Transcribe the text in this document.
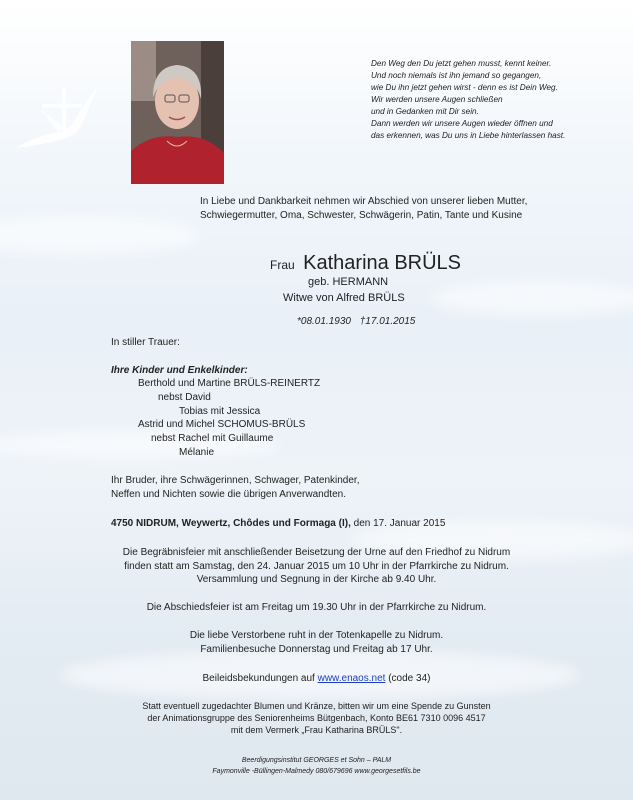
Den Weg den Du jetzt gehen musst, kennt keiner.
Und noch niemals ist ihn jemand so gegangen,
wie Du ihn jetzt gehen wirst - denn es ist Dein Weg.
Wir werden unsere Augen schließen
und in Gedanken mit Dir sein.
Dann werden wir unsere Augen wieder öffnen und
das erkennen, was Du uns in Liebe hinterlassen hast.
In Liebe und Dankbarkeit nehmen wir Abschied von unserer lieben Mutter,
Schwiegermutter, Oma, Schwester, Schwägerin, Patin, Tante und Kusine
Frau Katharina BRÜLS
geb. HERMANN
Witwe von Alfred BRÜLS
*08.01.1930 †17.01.2015
In stiller Trauer:
Ihre Kinder und Enkelkinder:
Berthold und Martine BRÜLS-REINERTZ
nebst David
Tobias mit Jessica
Astrid und Michel SCHOMUS-BRÜLS
nebst Rachel mit Guillaume
Mélanie
Ihr Bruder, ihre Schwägerinnen, Schwager, Patenkinder,
Neffen und Nichten sowie die übrigen Anverwandten.
4750 NIDRUM, Weywertz, Chôdes und Formaga (I), den 17. Januar 2015
Die Begräbnisfeier mit anschließender Beisetzung der Urne auf den Friedhof zu Nidrum
finden statt am Samstag, den 24. Januar 2015 um 10 Uhr in der Pfarrkirche zu Nidrum.
Versammlung und Segnung in der Kirche ab 9.40 Uhr.
Die Abschiedsfeier ist am Freitag um 19.30 Uhr in der Pfarrkirche zu Nidrum.
Die liebe Verstorbene ruht in der Totenkapelle zu Nidrum.
Familienbesuche Donnerstag und Freitag ab 17 Uhr.
Beileidsbekundungen auf www.enaos.net (code 34)
Statt eventuell zugedachter Blumen und Kränze, bitten wir um eine Spende zu Gunsten
der Animationsgruppe des Seniorenheims Bütgenbach, Konto BE61 7310 0096 4517
mit dem Vermerk „Frau Katharina BRÜLS".
Beerdigungsinstitut GEORGES et Sohn – PALM
Faymonville -Büllingen-Malmedy 080/679696 www.georgesetfils.be
